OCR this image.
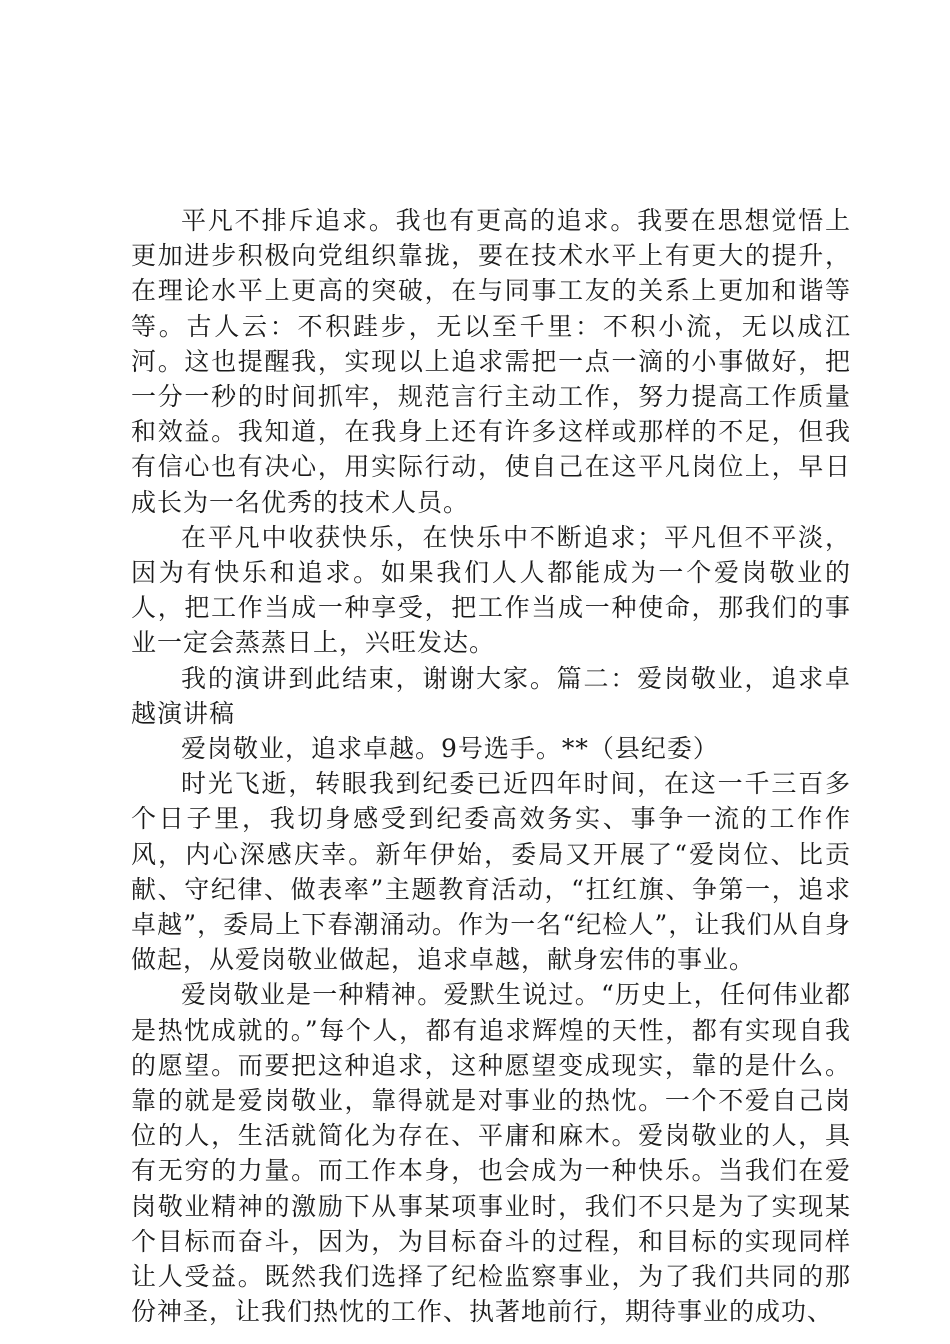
平凡不排斥追求。我也有更高的追求。我要在思想觉悟上更加进步积极向党组织靠拢，要在技术水平上有更大的提升，在理论水平上更高的突破，在与同事工友的关系上更加和谐等等。古人云：不积跬步，无以至千里：不积小流，无以成江河。这也提醒我，实现以上追求需把一点一滴的小事做好，把一分一秒的时间抓牢，规范言行主动工作，努力提高工作质量和效益。我知道，在我身上还有许多这样或那样的不足，但我有信心也有决心，用实际行动，使自己在这平凡岗位上，早日成长为一名优秀的技术人员。

在平凡中收获快乐，在快乐中不断追求；平凡但不平淡，因为有快乐和追求。如果我们人人都能成为一个爱岗敬业的人，把工作当成一种享受，把工作当成一种使命，那我们的事业一定会蒸蒸日上，兴旺发达。

我的演讲到此结束，谢谢大家。篇二：爱岗敬业，追求卓越演讲稿

爱岗敬业，追求卓越。9号选手。**（县纪委）

时光飞逝，转眼我到纪委已近四年时间，在这一千三百多个日子里，我切身感受到纪委高效务实、事争一流的工作作风，内心深感庆幸。新年伊始，委局又开展了“爱岗位、比贡献、守纪律、做表率”主题教育活动，“扛红旗、争第一，追求卓越”，委局上下春潮涌动。作为一名“纪检人”，让我们从自身做起，从爱岗敬业做起，追求卓越，献身宏伟的事业。

爱岗敬业是一种精神。爱默生说过。“历史上，任何伟业都是热忱成就的。”每个人，都有追求辉煌的天性，都有实现自我的愿望。而要把这种追求，这种愿望变成现实，靠的是什么。靠的就是爱岗敬业，靠得就是对事业的热忱。一个不爱自己岗位的人，生活就简化为存在、平庸和麻木。爱岗敬业的人，具有无穷的力量。而工作本身，也会成为一种快乐。当我们在爱岗敬业精神的激励下从事某项事业时，我们不只是为了实现某个目标而奋斗，因为，为目标奋斗的过程，和目标的实现同样让人受益。既然我们选择了纪检监察事业，为了我们共同的那份神圣，让我们热忱的工作、执著地前行，期待事业的成功、
